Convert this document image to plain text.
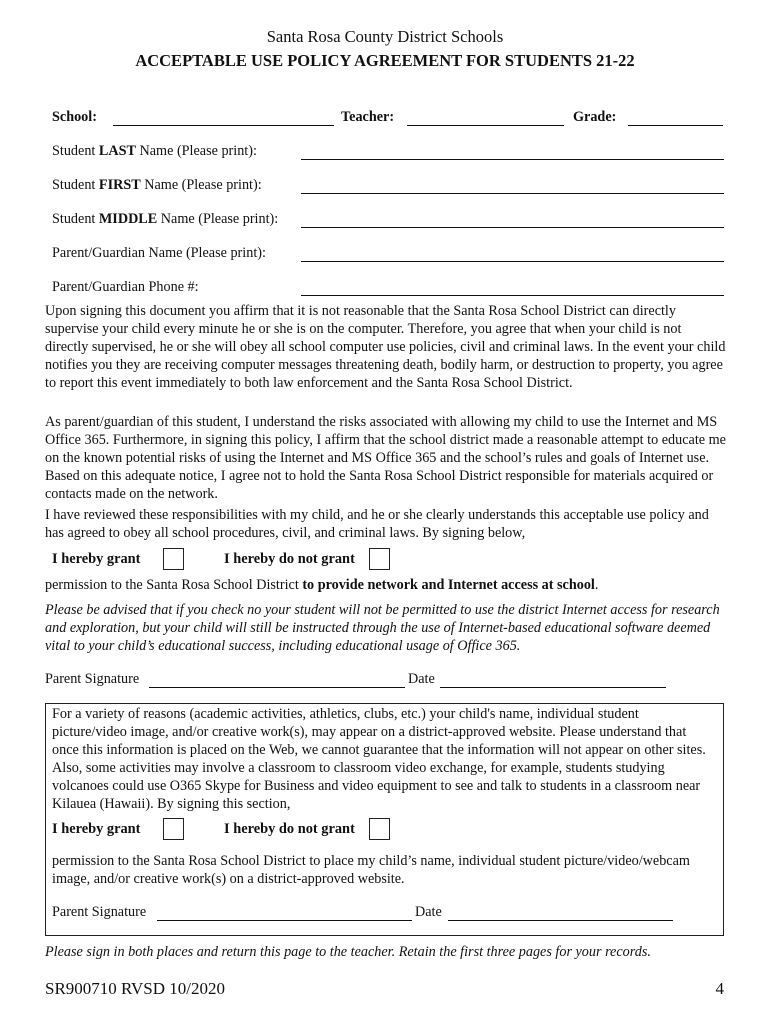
Santa Rosa County District Schools
ACCEPTABLE USE POLICY AGREEMENT FOR STUDENTS 21-22
School:	Teacher:	Grade:
Student LAST Name (Please print):
Student FIRST Name (Please print):
Student MIDDLE Name (Please print):
Parent/Guardian Name (Please print):
Parent/Guardian Phone #:
Upon signing this document you affirm that it is not reasonable that the Santa Rosa School District can directly supervise your child every minute he or she is on the computer. Therefore, you agree that when your child is not directly supervised, he or she will obey all school computer use policies, civil and criminal laws. In the event your child notifies you they are receiving computer messages threatening death, bodily harm, or destruction to property, you agree to report this event immediately to both law enforcement and the Santa Rosa School District.
As parent/guardian of this student, I understand the risks associated with allowing my child to use the Internet and MS Office 365. Furthermore, in signing this policy, I affirm that the school district made a reasonable attempt to educate me on the known potential risks of using the Internet and MS Office 365 and the school’s rules and goals of Internet use. Based on this adequate notice, I agree not to hold the Santa Rosa School District responsible for materials acquired or contacts made on the network.
I have reviewed these responsibilities with my child, and he or she clearly understands this acceptable use policy and has agreed to obey all school procedures, civil, and criminal laws. By signing below,
I hereby grant	I hereby do not grant
permission to the Santa Rosa School District to provide network and Internet access at school.
Please be advised that if you check no your student will not be permitted to use the district Internet access for research and exploration, but your child will still be instructed through the use of Internet-based educational software deemed vital to your child’s educational success, including educational usage of Office 365.
Parent Signature	Date
For a variety of reasons (academic activities, athletics, clubs, etc.) your child's name, individual student picture/video image, and/or creative work(s), may appear on a district-approved website. Please understand that once this information is placed on the Web, we cannot guarantee that the information will not appear on other sites. Also, some activities may involve a classroom to classroom video exchange, for example, students studying volcanoes could use O365 Skype for Business and video equipment to see and talk to students in a classroom near Kilauea (Hawaii). By signing this section,
I hereby grant	I hereby do not grant
permission to the Santa Rosa School District to place my child’s name, individual student picture/video/webcam image, and/or creative work(s) on a district-approved website.
Parent Signature	Date
Please sign in both places and return this page to the teacher. Retain the first three pages for your records.
SR900710 RVSD 10/2020	4
